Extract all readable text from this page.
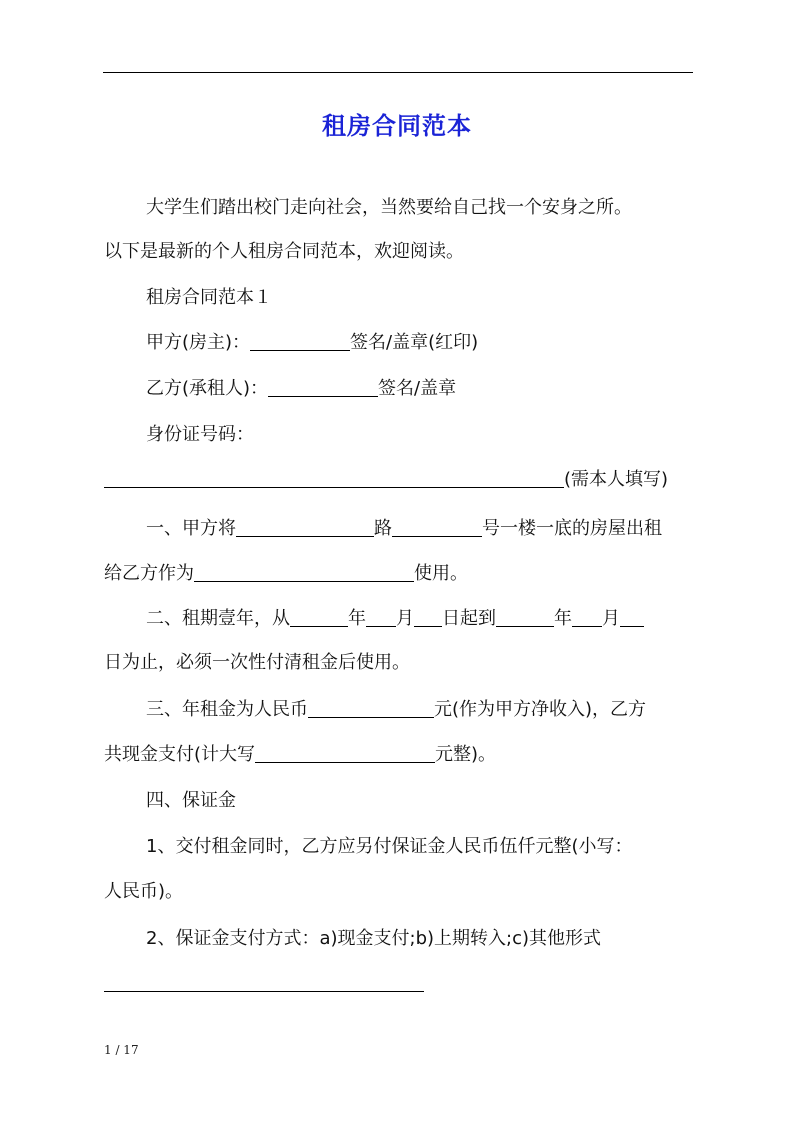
租房合同范本
大学生们踏出校门走向社会，当然要给自己找一个安身之所。
以下是最新的个人租房合同范本，欢迎阅读。
租房合同范本１
甲方(房主)：	签名/盖章(红印)
乙方(承租人)：	签名/盖章
身份证号码：
(需本人填写)
一、甲方将	路	号一楼一底的房屋出租
给乙方作为	使用。
二、租期壹年，从	年 月 日起到	年 月
日为止，必须一次性付清租金后使用。
三、年租金为人民币	元(作为甲方净收入)，乙方
共现金支付(计大写	元整)。
四、保证金
1、交付租金同时，乙方应另付保证金人民币伍仟元整(小写：
人民币)。
2、保证金支付方式：a)现金支付;b)上期转入;c)其他形式
1 / 17
